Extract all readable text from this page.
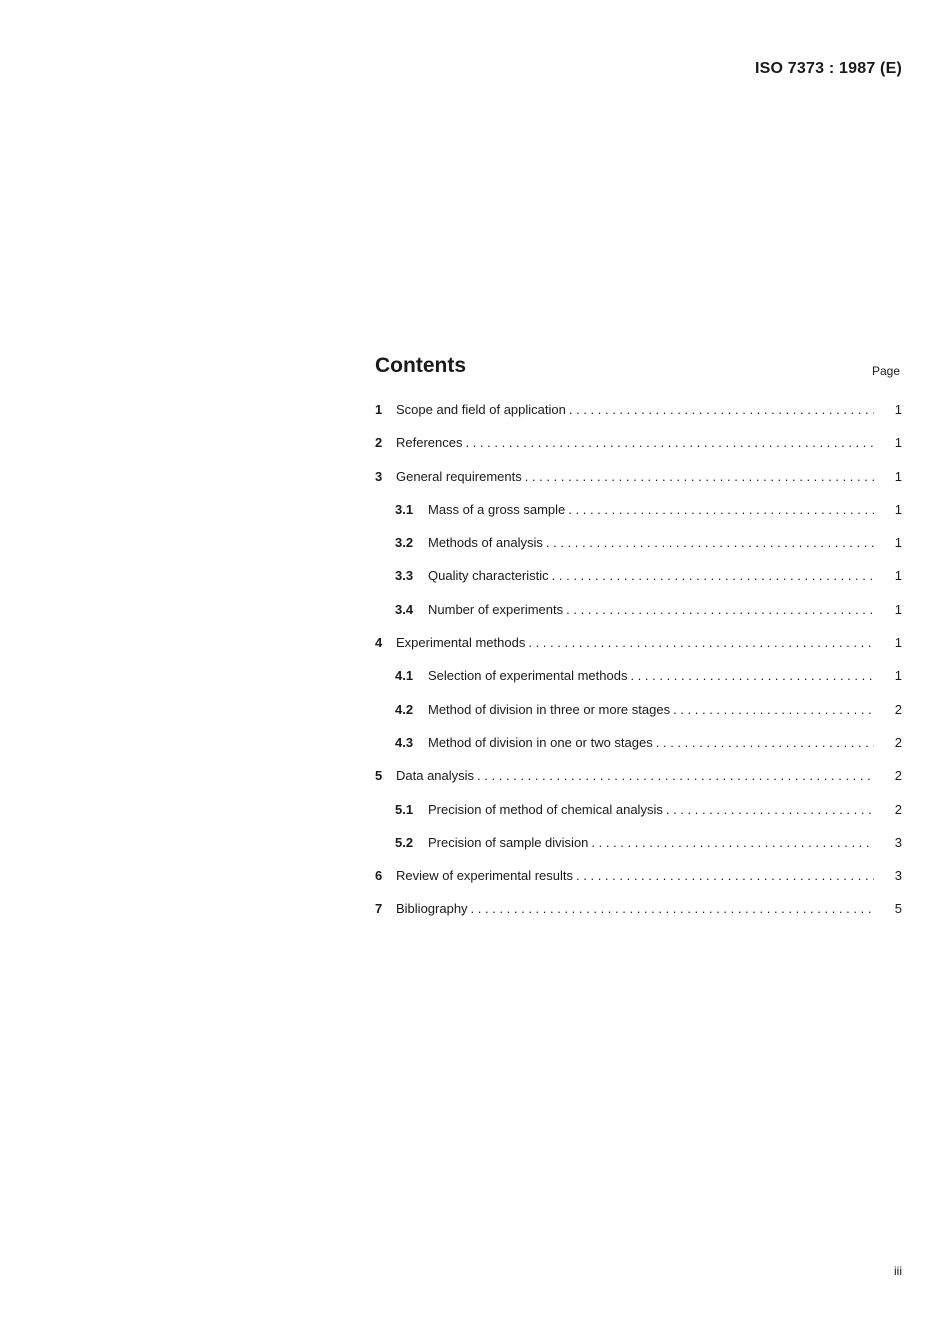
ISO 7373 : 1987 (E)
Contents	Page
1	Scope and field of application . . .	1
2	References . . .	1
3	General requirements . . .	1
3.1	Mass of a gross sample . . .	1
3.2	Methods of analysis . . .	1
3.3	Quality characteristic . . .	1
3.4	Number of experiments . . .	1
4	Experimental methods . . .	1
4.1	Selection of experimental methods . . .	1
4.2	Method of division in three or more stages . . .	2
4.3	Method of division in one or two stages . . .	2
5	Data analysis . . .	2
5.1	Precision of method of chemical analysis . . .	2
5.2	Precision of sample division . . .	3
6	Review of experimental results . . .	3
7	Bibliography . . .	5
iii
